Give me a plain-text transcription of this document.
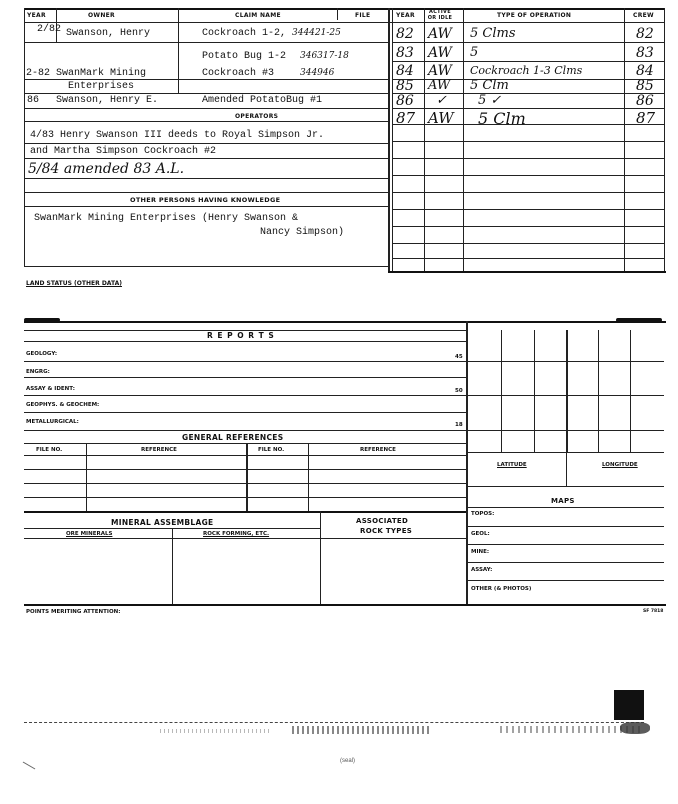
YEAR	OWNER	CLAIM NAME	FILE	YEAR	ACTIVE OR IDLE	TYPE OF OPERATION	CREW
2/82 Swanson, Henry	Cockroach 1-2, 344421-25
Potato Bug 1-2 346317-18
2-82 SwanMark Mining	Cockroach #3	344946
Enterprises
86 Swanson, Henry E.	Amended PotatoBug #1
OPERATORS
4/83 Henry Swanson III deeds to Royal Simpson Jr.
and Martha Simpson Cockroach #2
5/84 amended 83 A.L.
OTHER PERSONS HAVING KNOWLEDGE
SwanMark Mining Enterprises (Henry Swanson &
Nancy Simpson)
82 AW 5 Clms	82
83 AW 5	83
84 AW Cockroach 1-3 Clms	84
85 AW 5 Clm	85
86 ✓ 5 ✓	86
87 AW 5 Clm	87
LAND STATUS (OTHER DATA)
R E P O R T S
GEOLOGY:	45
ENGRG:
ASSAY & IDENT:	50
GEOPHYS. & GEOCHEM:
METALLURGICAL:	18
GENERAL REFERENCES
FILE NO.	REFERENCE	FILE NO.	REFERENCE
MINERAL ASSEMBLAGE
ORE MINERALS	ROCK FORMING, ETC.
ASSOCIATED
ROCK TYPES
LATITUDE	LONGITUDE
MAPS
TOPOS:
GEOL:
MINE:
ASSAY:
OTHER (& PHOTOS)
POINTS MERITING ATTENTION:	SF 7818
(seal)
